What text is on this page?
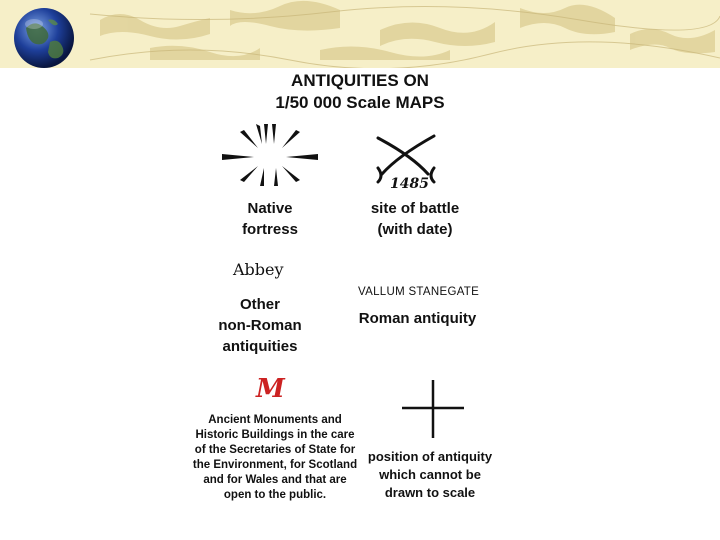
ANTIQUITIES ON
1/50 000 Scale MAPS
Native
fortress
1485
site of battle
(with date)
Abbey
Other
non-Roman
antiquities
VALLUM STANEGATE
Roman antiquity
M
Ancient Monuments and
Historic Buildings in the care
of the Secretaries of State for
the Environment, for Scotland
and for Wales and that are
open to the public.
position of antiquity
which cannot be
drawn to scale
